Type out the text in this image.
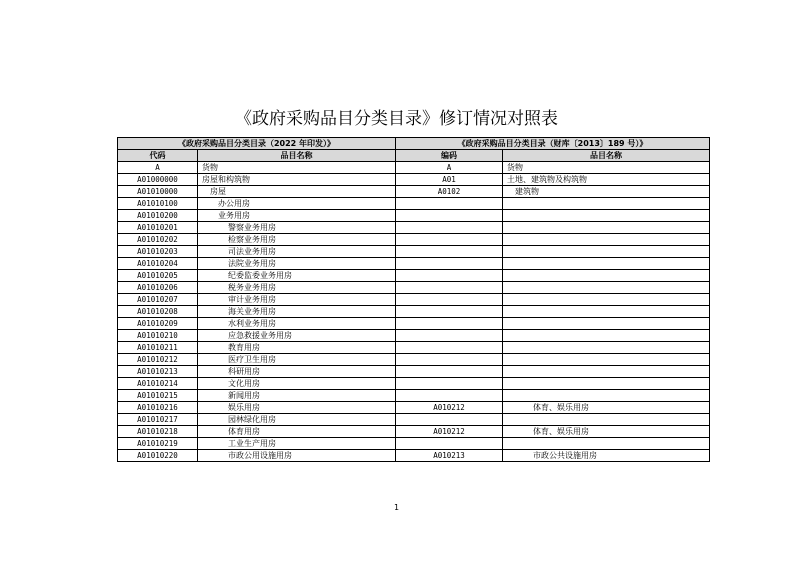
《政府采购品目分类目录》修订情况对照表
《政府采购品目分类目录（2022 年印发）》		《政府采购品目分类目录（财库〔2013〕189 号）》	
代码	品目名称	编码	品目名称
A	货物	A	货物
A01000000	房屋和构筑物	A01	土地、建筑物及构筑物
A01010000	房屋	A0102	建筑物
A01010100	办公用房		
A01010200	业务用房		
A01010201	警察业务用房		
A01010202	检察业务用房		
A01010203	司法业务用房		
A01010204	法院业务用房		
A01010205	纪委监委业务用房		
A01010206	税务业务用房		
A01010207	审计业务用房		
A01010208	海关业务用房		
A01010209	水利业务用房		
A01010210	应急救援业务用房		
A01010211	教育用房		
A01010212	医疗卫生用房		
A01010213	科研用房		
A01010214	文化用房		
A01010215	新闻用房		
A01010216	娱乐用房	A010212	体育、娱乐用房
A01010217	园林绿化用房		
A01010218	体育用房	A010212	体育、娱乐用房
A01010219	工业生产用房		
A01010220	市政公用设施用房	A010213	市政公共设施用房
1
